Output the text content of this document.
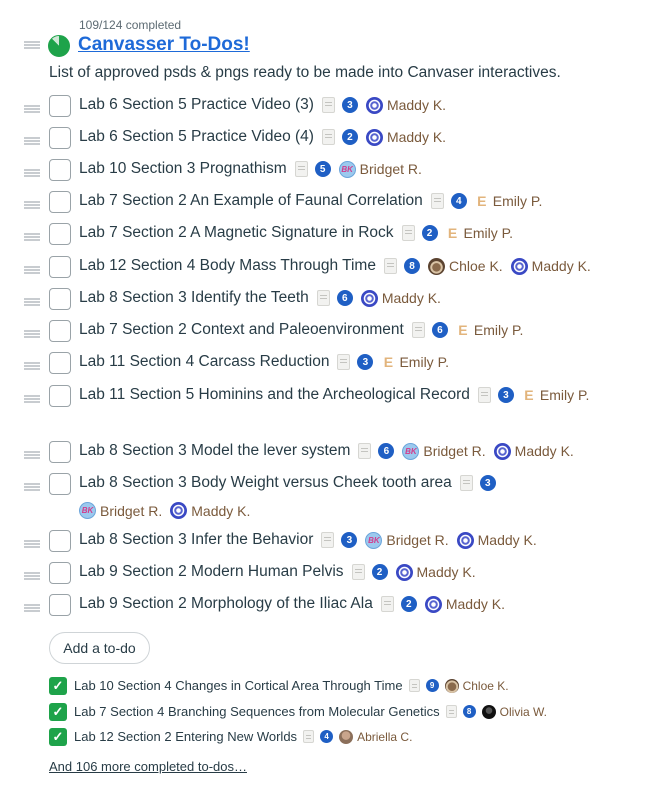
109/124 completed
Canvasser To-Dos!
List of approved psds & pngs ready to be made into Canvaser interactives.
Lab 6 Section 5 Practice Video (3)	3	Maddy K.
Lab 6 Section 5 Practice Video (4)	2	Maddy K.
Lab 10 Section 3 Prognathism	5	BK Bridget R.
Lab 7 Section 2 An Example of Faunal Correlation	4	E Emily P.
Lab 7 Section 2 A Magnetic Signature in Rock	2	E Emily P.
Lab 12 Section 4 Body Mass Through Time	8	Chloe K. Maddy K.
Lab 8 Section 3 Identify the Teeth	6	Maddy K.
Lab 7 Section 2 Context and Paleoenvironment	6	E Emily P.
Lab 11 Section 4 Carcass Reduction	3	E Emily P.
Lab 11 Section 5 Hominins and the Archeological Record	3	E Emily P.
Lab 8 Section 3 Model the lever system	6	BK Bridget R. Maddy K.
Lab 8 Section 3 Body Weight versus Cheek tooth area	3
BK Bridget R. Maddy K.
Lab 8 Section 3 Infer the Behavior	3	BK Bridget R. Maddy K.
Lab 9 Section 2 Modern Human Pelvis	2	Maddy K.
Lab 9 Section 2 Morphology of the Iliac Ala	2	Maddy K.
Add a to-do
✓ Lab 10 Section 4 Changes in Cortical Area Through Time	9	Chloe K.
✓ Lab 7 Section 4 Branching Sequences from Molecular Genetics	8	Olivia W.
✓ Lab 12 Section 2 Entering New Worlds	4	Abriella C.
And 106 more completed to-dos…
